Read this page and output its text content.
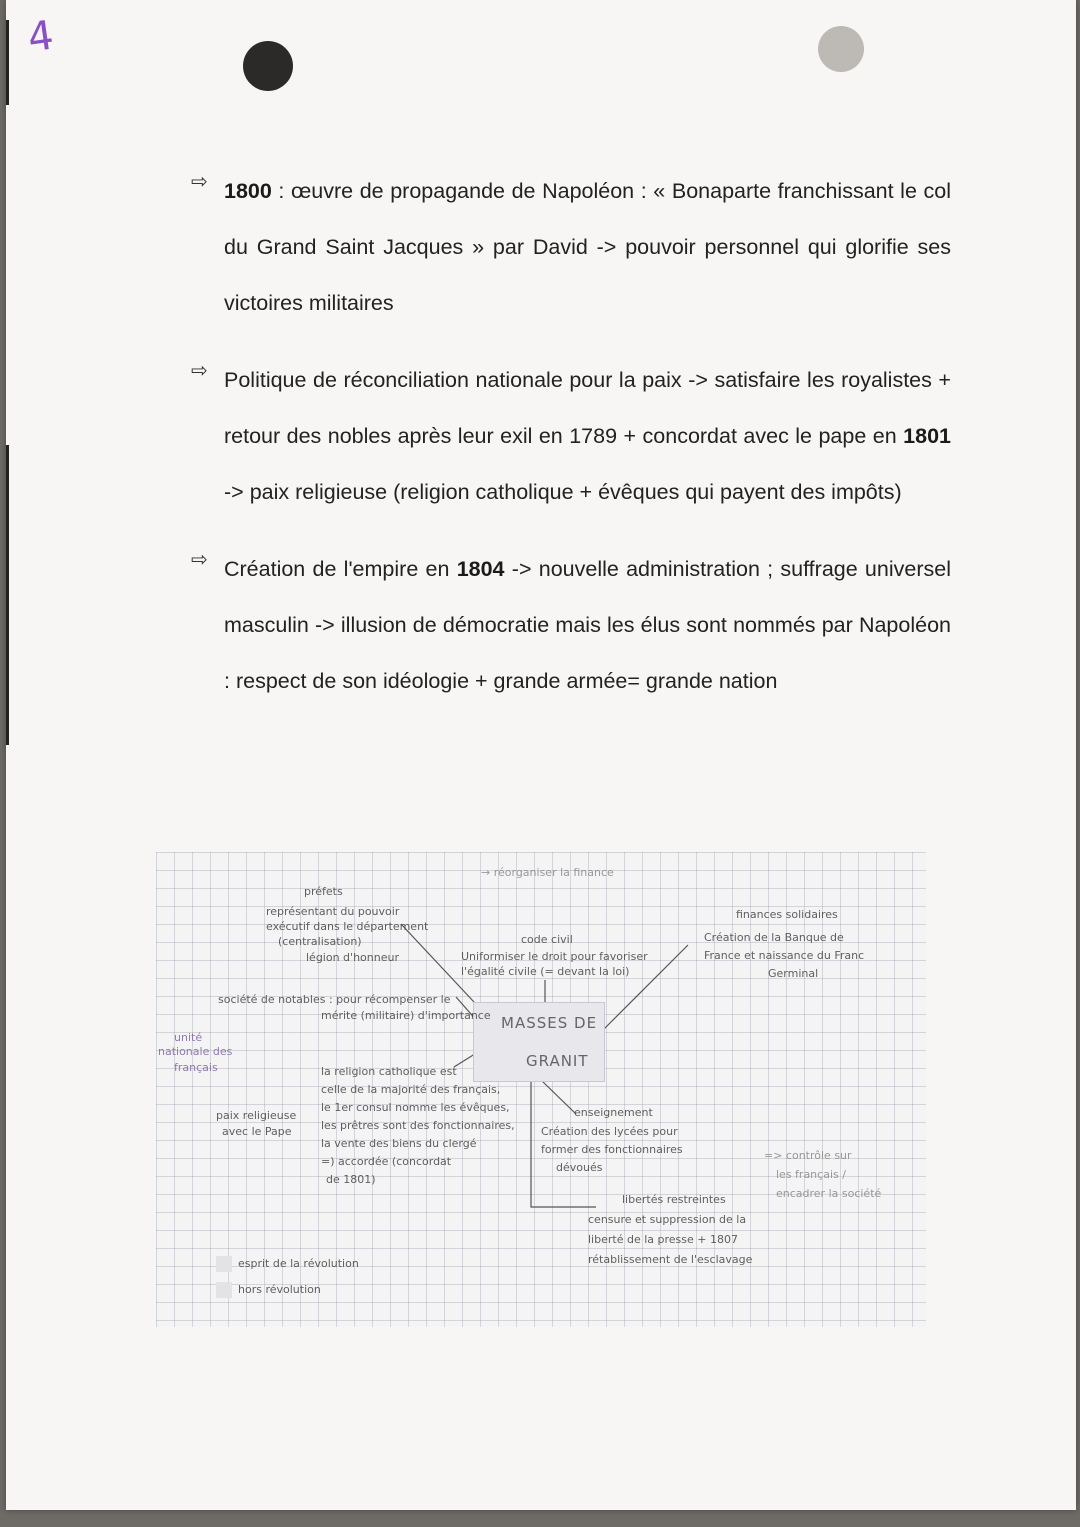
4
⇨ 1800 : œuvre de propagande de Napoléon : « Bonaparte franchissant le col du Grand Saint Jacques » par David -> pouvoir personnel qui glorifie ses victoires militaires
⇨ Politique de réconciliation nationale pour la paix -> satisfaire les royalistes + retour des nobles après leur exil en 1789 + concordat avec le pape en 1801 -> paix religieuse (religion catholique + évêques qui payent des impôts)
⇨ Création de l'empire en 1804 -> nouvelle administration ; suffrage universel masculin -> illusion de démocratie mais les élus sont nommés par Napoléon : respect de son idéologie + grande armée= grande nation
MASSES DE
GRANIT
→ réorganiser la finance
préfets
représentant du pouvoir
exécutif dans le département
(centralisation)
légion d'honneur
société de notables : pour récompenser le
mérite (militaire) d'importance
code civil
Uniformiser le droit pour favoriser
l'égalité civile (= devant la loi)
finances solidaires
Création de la Banque de
France et naissance du Franc
Germinal
la religion catholique est
celle de la majorité des français,
le 1er consul nomme les évêques,
les prêtres sont des fonctionnaires,
la vente des biens du clergé
=) accordée (concordat
de 1801)
paix religieuse
avec le Pape
unité
nationale des
français
enseignement
Création des lycées pour
former des fonctionnaires
dévoués
libertés restreintes
censure et suppression de la
liberté de la presse + 1807
rétablissement de l'esclavage
=> contrôle sur
les français /
encadrer la société
esprit de la révolution
hors révolution
